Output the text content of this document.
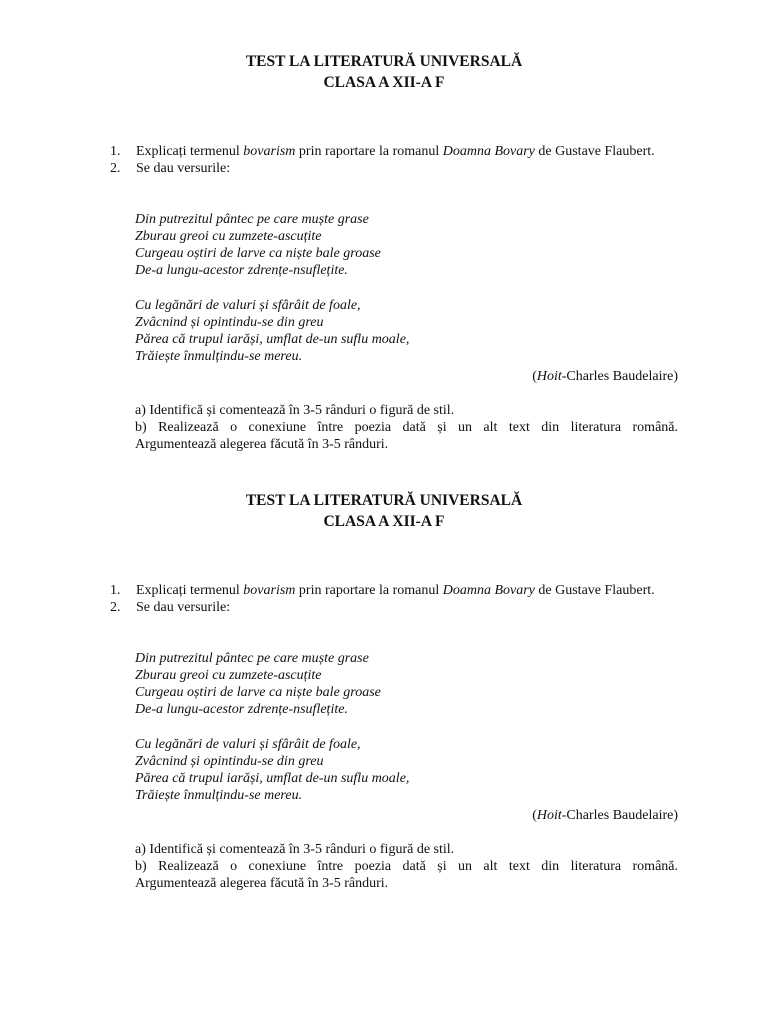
TEST LA LITERATURĂ UNIVERSALĂ

CLASA A XII-A F

1. Explicați termenul bovarism prin raportare la romanul Doamna Bovary de Gustave Flaubert.
2. Se dau versurile:
Din putrezitul pântec pe care muște grase
Zburau greoi cu zumzete-ascuțite
Curgeau oștiri de larve ca niște bale groase
De-a lungu-acestor zdrențe-nsuflețite.
Cu legănări de valuri și sfârâit de foale,
Zvâcnind și opintindu-se din greu
Părea că trupul iarăși, umflat de-un suflu moale,
Trăiește înmulțindu-se mereu.
(Hoit-Charles Baudelaire)
a) Identifică și comentează în 3-5 rânduri o figură de stil.
b) Realizează o conexiune între poezia dată și un alt text din literatura română.
Argumentează alegerea făcută în 3-5 rânduri.

TEST LA LITERATURĂ UNIVERSALĂ

CLASA A XII-A F

1. Explicați termenul bovarism prin raportare la romanul Doamna Bovary de Gustave Flaubert.
2. Se dau versurile:
Din putrezitul pântec pe care muște grase
Zburau greoi cu zumzete-ascuțite
Curgeau oștiri de larve ca niște bale groase
De-a lungu-acestor zdrențe-nsuflețite.
Cu legănări de valuri și sfârâit de foale,
Zvâcnind și opintindu-se din greu
Părea că trupul iarăși, umflat de-un suflu moale,
Trăiește înmulțindu-se mereu.
(Hoit-Charles Baudelaire)
a) Identifică și comentează în 3-5 rânduri o figură de stil.
b) Realizează o conexiune între poezia dată și un alt text din literatura română.
Argumentează alegerea făcută în 3-5 rânduri.
